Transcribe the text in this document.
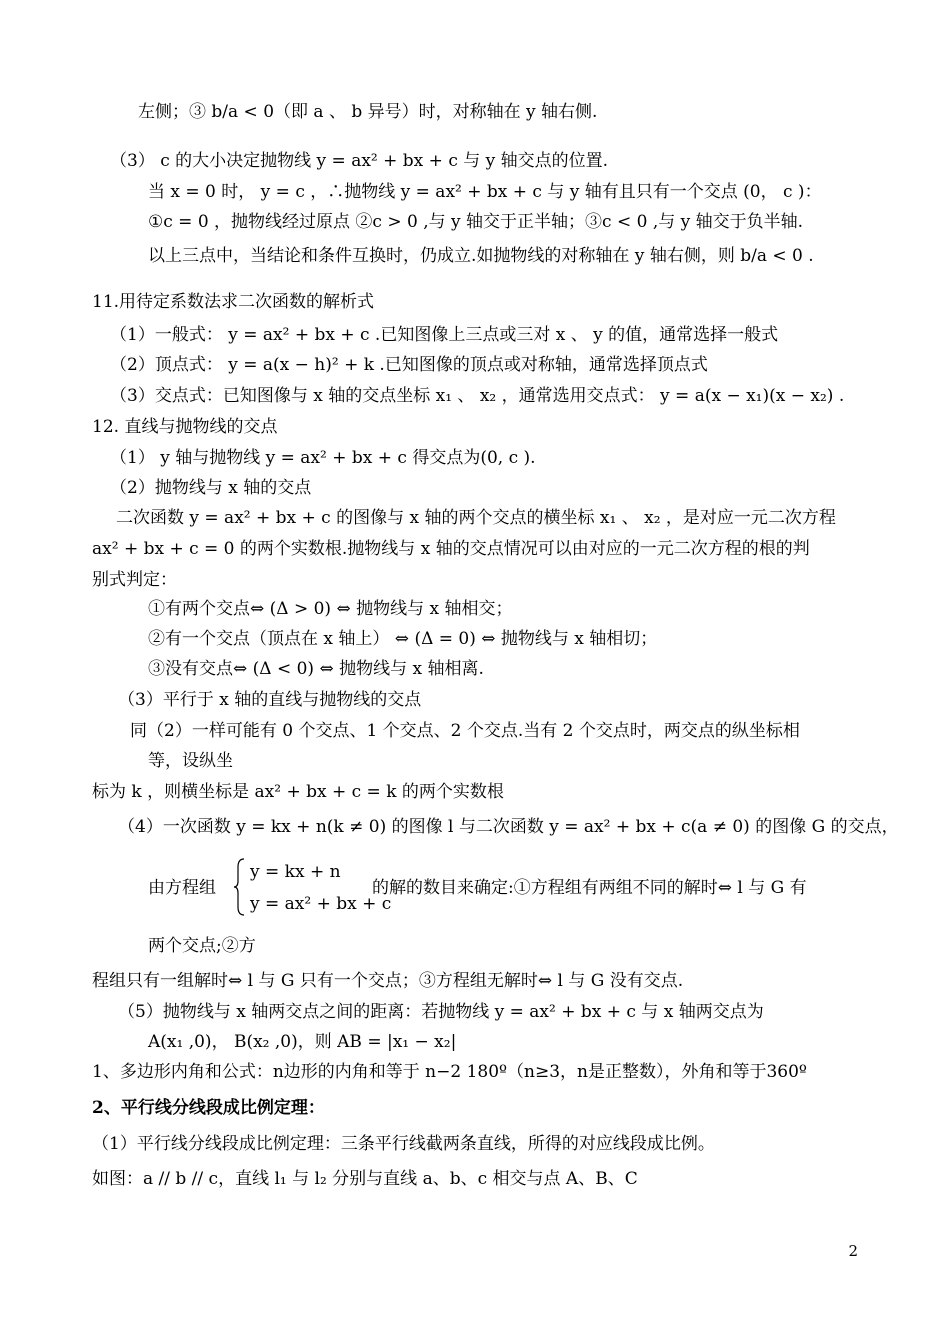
左侧；③ b/a < 0（即 a 、 b 异号）时，对称轴在 y 轴右侧.
（3） c 的大小决定抛物线 y = ax² + bx + c 与 y 轴交点的位置.
当 x = 0 时， y = c ，∴抛物线 y = ax² + bx + c 与 y 轴有且只有一个交点 (0， c )：
①c = 0 ，抛物线经过原点 ②c > 0 ,与 y 轴交于正半轴；③c < 0 ,与 y 轴交于负半轴.
以上三点中，当结论和条件互换时，仍成立.如抛物线的对称轴在 y 轴右侧，则 b/a < 0 .
11.用待定系数法求二次函数的解析式
（1）一般式： y = ax² + bx + c .已知图像上三点或三对 x 、 y 的值，通常选择一般式
（2）顶点式： y = a(x − h)² + k .已知图像的顶点或对称轴，通常选择顶点式
（3）交点式：已知图像与 x 轴的交点坐标 x₁ 、 x₂ ，通常选用交点式： y = a(x − x₁)(x − x₂) .
12. 直线与抛物线的交点
（1） y 轴与抛物线 y = ax² + bx + c 得交点为(0, c ).
（2）抛物线与 x 轴的交点
二次函数 y = ax² + bx + c 的图像与 x 轴的两个交点的横坐标 x₁ 、 x₂ ，是对应一元二次方程
ax² + bx + c = 0 的两个实数根.抛物线与 x 轴的交点情况可以由对应的一元二次方程的根的判
别式判定：
①有两个交点⇔ (Δ > 0) ⇔ 抛物线与 x 轴相交；
②有一个交点（顶点在 x 轴上） ⇔ (Δ = 0) ⇔ 抛物线与 x 轴相切；
③没有交点⇔ (Δ < 0) ⇔ 抛物线与 x 轴相离.
（3）平行于 x 轴的直线与抛物线的交点
同（2）一样可能有 0 个交点、1 个交点、2 个交点.当有 2 个交点时，两交点的纵坐标相
等，设纵坐
标为 k ，则横坐标是 ax² + bx + c = k 的两个实数根
（4）一次函数 y = kx + n(k ≠ 0) 的图像 l 与二次函数 y = ax² + bx + c(a ≠ 0) 的图像 G 的交点，
由方程组
y = kx + n
y = ax² + bx + c
的解的数目来确定:①方程组有两组不同的解时⇔ l 与 G 有
两个交点;②方
程组只有一组解时⇔ l 与 G 只有一个交点；③方程组无解时⇔ l 与 G 没有交点.
（5）抛物线与 x 轴两交点之间的距离：若抛物线 y = ax² + bx + c 与 x 轴两交点为
A(x₁ ,0)， B(x₂ ,0)，则 AB = |x₁ − x₂|
1、多边形内角和公式：n边形的内角和等于 n−2 180º（n≥3，n是正整数），外角和等于360º
2、平行线分线段成比例定理：
（1）平行线分线段成比例定理：三条平行线截两条直线，所得的对应线段成比例。
如图：a // b // c，直线 l₁ 与 l₂ 分别与直线 a、b、c 相交与点 A、B、C
2
